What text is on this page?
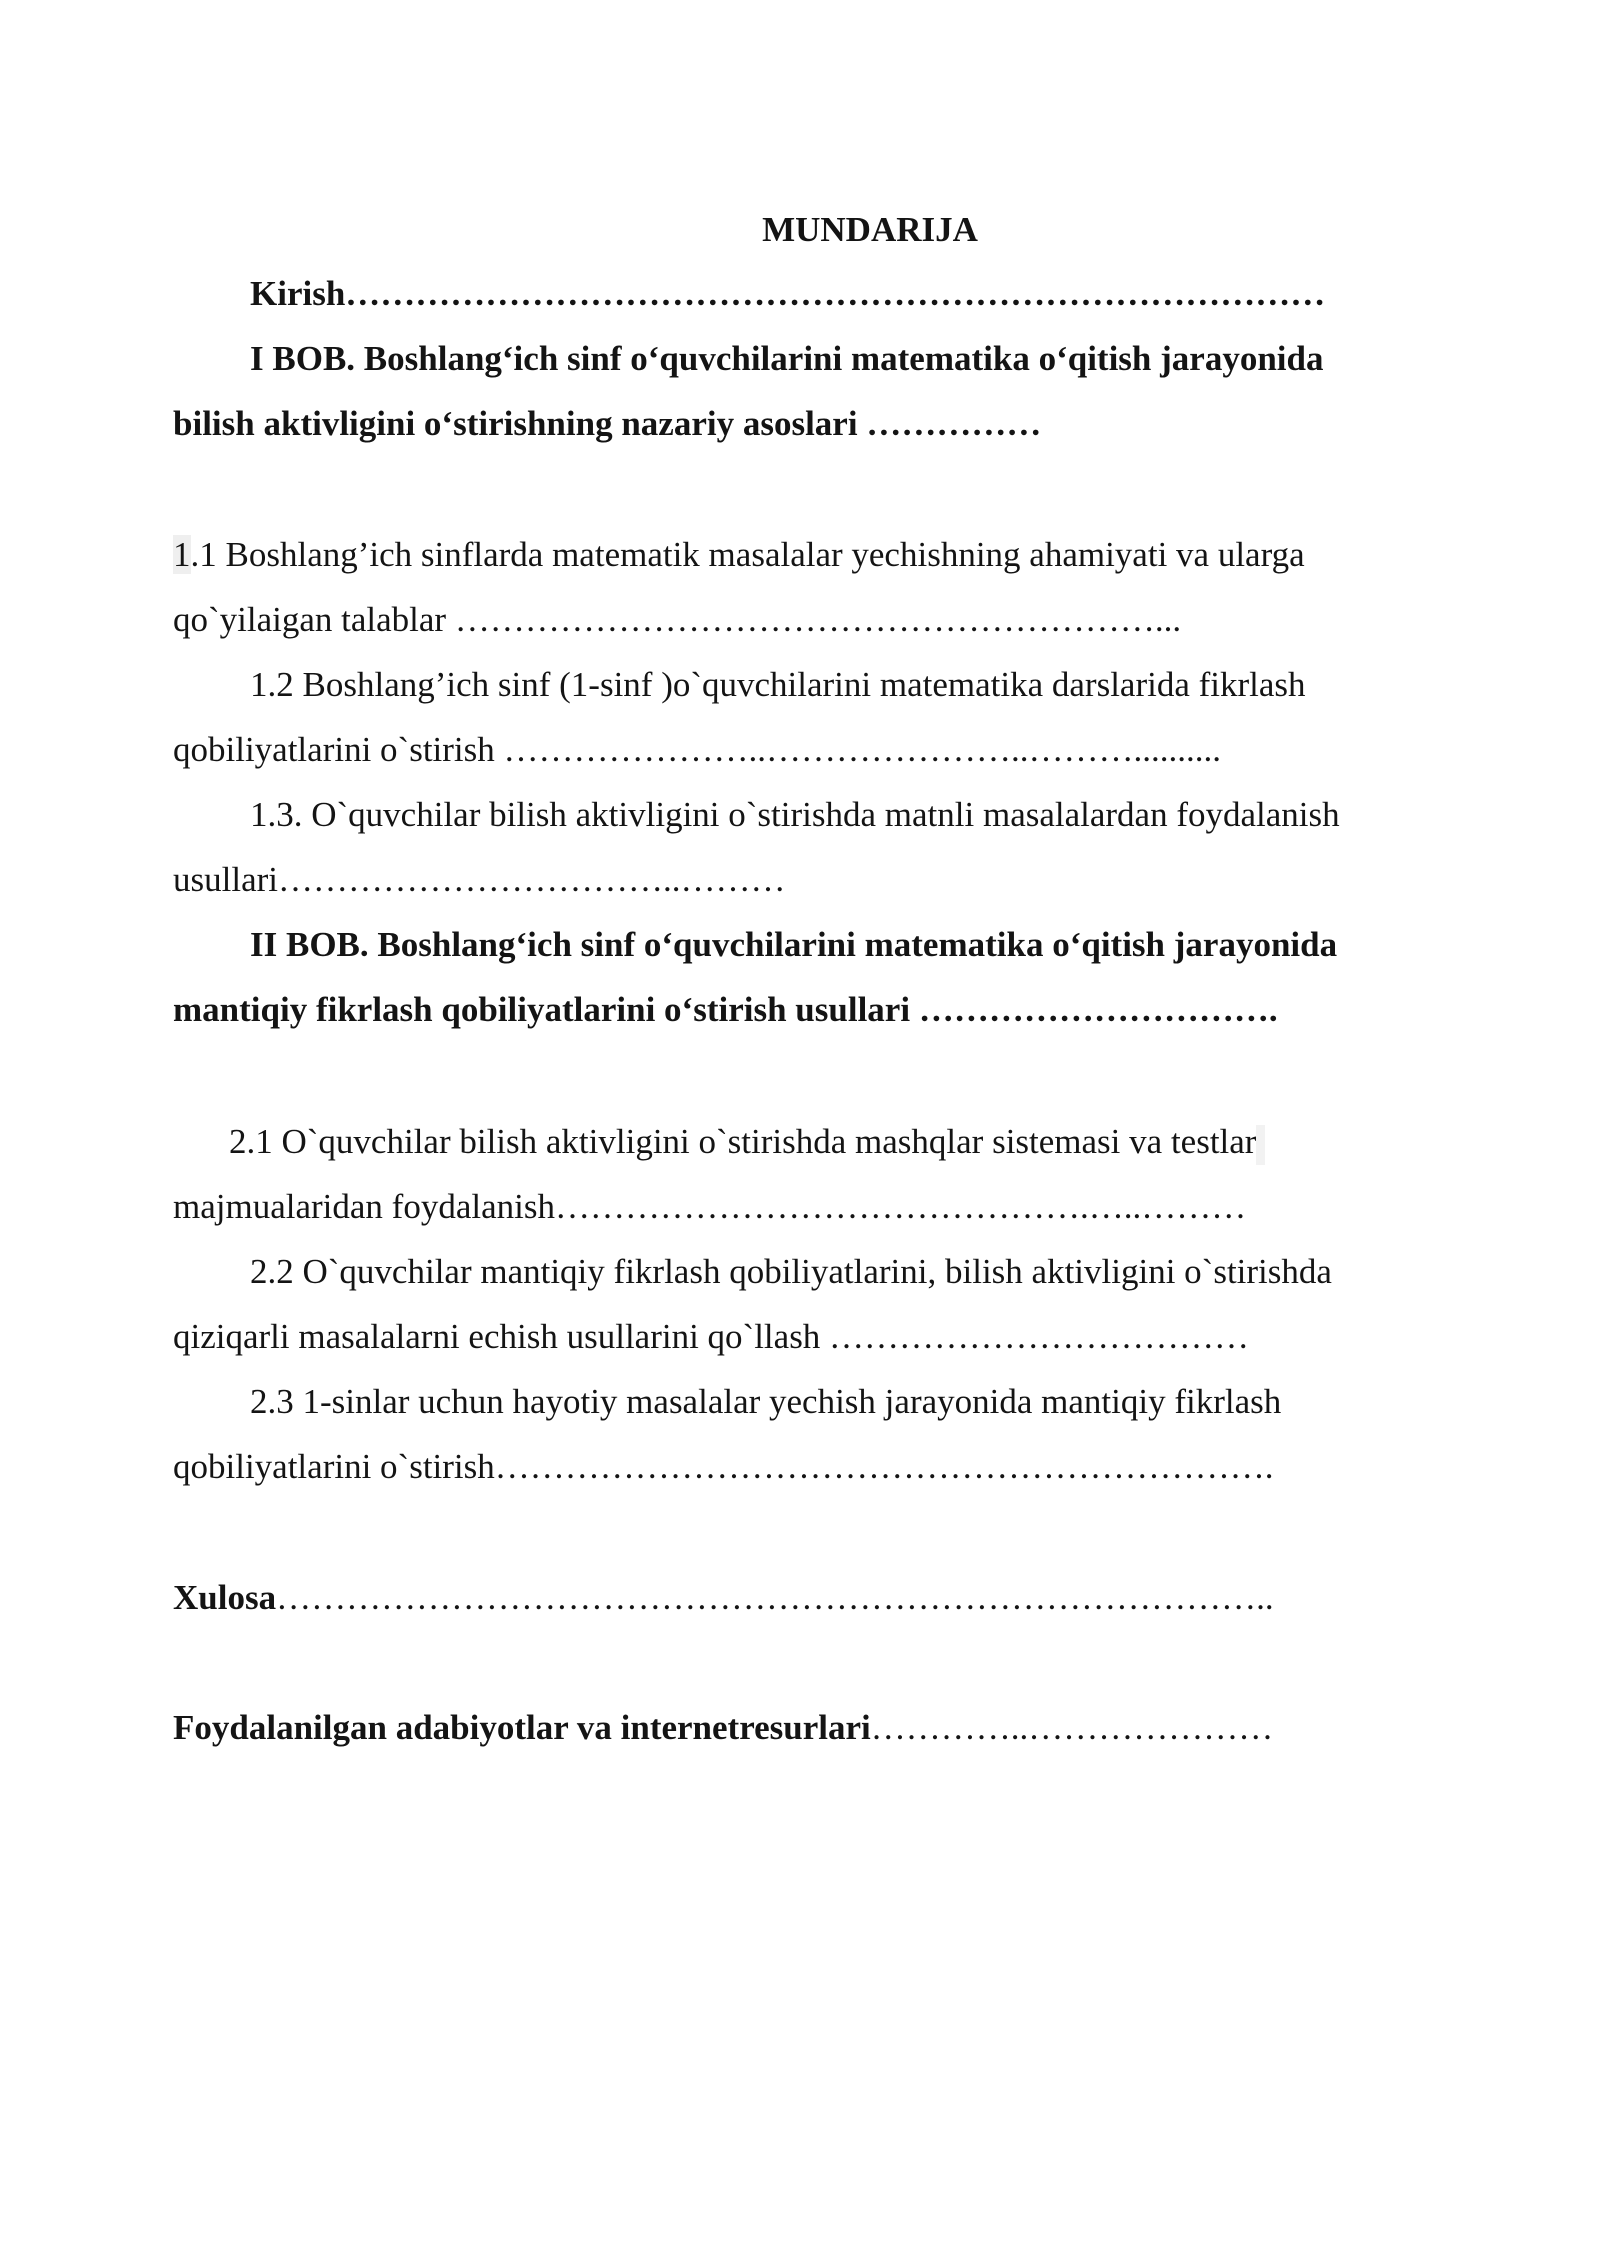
MUNDARIJA
Kirish…………………………………………………………………………
I BOB. Boshlang‘ich sinf o‘quvchilarini matematika o‘qitish jarayonida
bilish aktivligini o‘stirishning nazariy asoslari ……………
1.1 Boshlang’ich sinflarda matematik masalalar yechishning ahamiyati va ularga
qo`yilaigan talablar ……………………………………………………...
1.2 Boshlang’ich sinf (1-sinf )o`quvchilarini matematika darslarida fikrlash
qobiliyatlarini o`stirish …………………..…………………..………..........
1.3. O`quvchilar bilish aktivligini o`stirishda matnli masalalardan foydalanish
usullari……………………………..………
II BOB. Boshlang‘ich sinf o‘quvchilarini matematika o‘qitish jarayonida
mantiqiy fikrlash qobiliyatlarini o‘stirish usullari ………………………….
2.1 O`quvchilar bilish aktivligini o`stirishda mashqlar sistemasi va testlar
majmualaridan foydalanish……………………………………….…..………
2.2 O`quvchilar mantiqiy fikrlash qobiliyatlarini, bilish aktivligini o`stirishda
qiziqarli masalalarni echish usullarini qo`llash ………………………………
2.3 1-sinlar uchun hayotiy masalalar yechish jarayonida mantiqiy fikrlash
qobiliyatlarini o`stirish………………………………………………………….
Xulosa…………………………………………………………………………..
Foydalanilgan adabiyotlar va internetresurlari…………..…………………
